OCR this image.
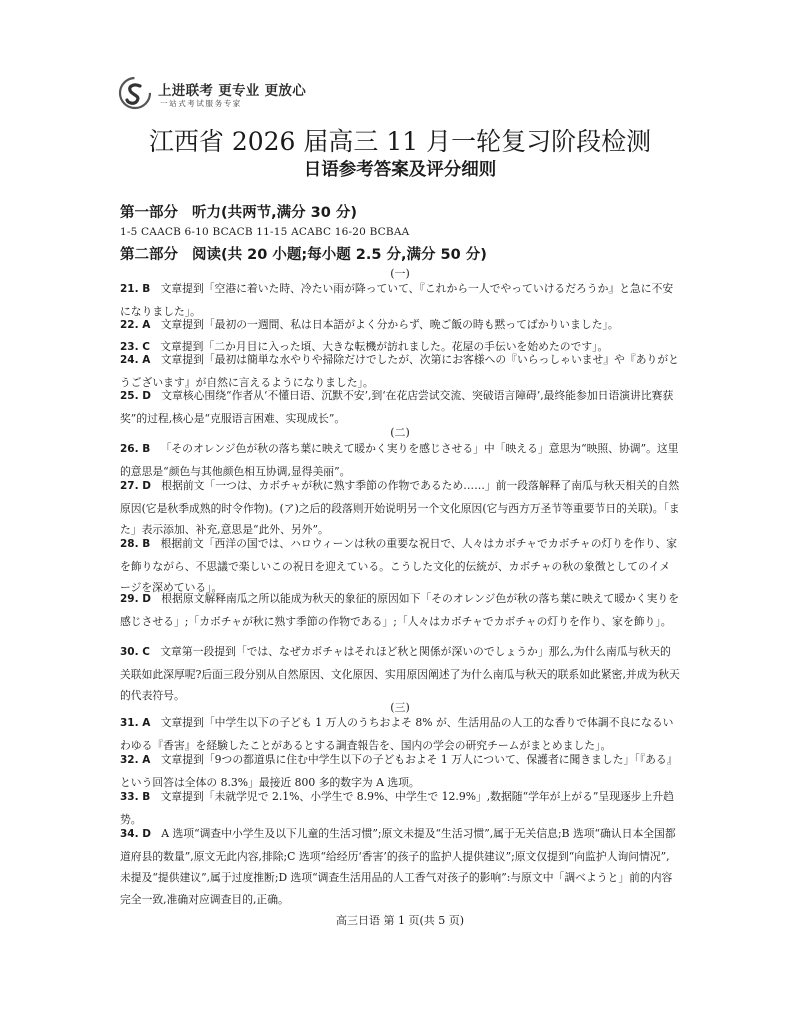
上进联考 更专业 更放心
一站式考试服务专家
江西省 2026 届高三 11 月一轮复习阶段检测
日语参考答案及评分细则
第一部分 听力(共两节,满分 30 分)
1-5 CAACB 6-10 BCACB 11-15 ACABC 16-20 BCBAA
第二部分 阅读(共 20 小题;每小题 2.5 分,满分 50 分)
(一)
21. B 文章提到「空港に着いた時、冷たい雨が降っていて、『これから一人でやっていけるだろうか』と急に不安になりました」。
22. A 文章提到「最初の一週間、私は日本語がよく分からず、晩ご飯の時も黙ってばかりいました」。
23. C 文章提到「二か月目に入った頃、大きな転機が訪れました。花屋の手伝いを始めたのです」。
24. A 文章提到「最初は簡単な水やりや掃除だけでしたが、次第にお客様への『いらっしゃいませ』や『ありがとうございます』が自然に言えるようになりました」。
25. D 文章核心围绕“作者从‘不懂日语、沉默不安’,到‘在花店尝试交流、突破语言障碍’,最终能参加日语演讲比赛获奖”的过程,核心是“克服语言困难、实现成长”。
(二)
26. B 「そのオレンジ色が秋の落ち葉に映えて暖かく実りを感じさせる」中「映える」意思为“映照、协调”。这里的意思是“颜色与其他颜色相互协调,显得美丽”。
27. D 根据前文「一つは、カボチャが秋に熟す季節の作物であるため……」前一段落解释了南瓜与秋天相关的自然原因(它是秋季成熟的时令作物)。(ア)之后的段落则开始说明另一个文化原因(它与西方万圣节等重要节日的关联)。「また」表示添加、补充,意思是“此外、另外”。
28. B 根据前文「西洋の国では、ハロウィーンは秋の重要な祝日で、人々はカボチャでカボチャの灯りを作り、家を飾りながら、不思議で楽しいこの祝日を迎えている。こうした文化的伝統が、カボチャの秋の象徴としてのイメージを深めている」。
29. D 根据原文解释南瓜之所以能成为秋天的象征的原因如下「そのオレンジ色が秋の落ち葉に映えて暖かく実りを感じさせる」;「カボチャが秋に熟す季節の作物である」;「人々はカボチャでカボチャの灯りを作り、家を飾り」。
30. C 文章第一段提到「では、なぜカボチャはそれほど秋と関係が深いのでしょうか」那么,为什么南瓜与秋天的关联如此深厚呢?后面三段分别从自然原因、文化原因、实用原因阐述了为什么南瓜与秋天的联系如此紧密,并成为秋天的代表符号。
(三)
31. A 文章提到「中学生以下の子ども 1 万人のうちおよそ 8% が、生活用品の人工的な香りで体調不良になるいわゆる『香害』を経験したことがあるとする調査報告を、国内の学会の研究チームがまとめました」。
32. A 文章提到「9つの都道県に住む中学生以下の子どもおよそ 1 万人について、保護者に聞きました」「『ある』という回答は全体の 8.3%」最接近 800 多的数字为 A 选项。
33. B 文章提到「未就学児で 2.1%、小学生で 8.9%、中学生で 12.9%」,数据随“学年が上がる”呈现逐步上升趋势。
34. D A 选项“调查中小学生及以下儿童的生活习惯”;原文未提及“生活习惯”,属于无关信息;B 选项“确认日本全国都道府县的数量”,原文无此内容,排除;C 选项“给经历‘香害’的孩子的监护人提供建议”;原文仅提到“向监护人询问情况”,未提及“提供建议”,属于过度推断;D 选项“调查生活用品的人工香气对孩子的影响”:与原文中「調べようと」前的内容完全一致,准确对应调查目的,正确。
高三日语 第 1 页(共 5 页)
